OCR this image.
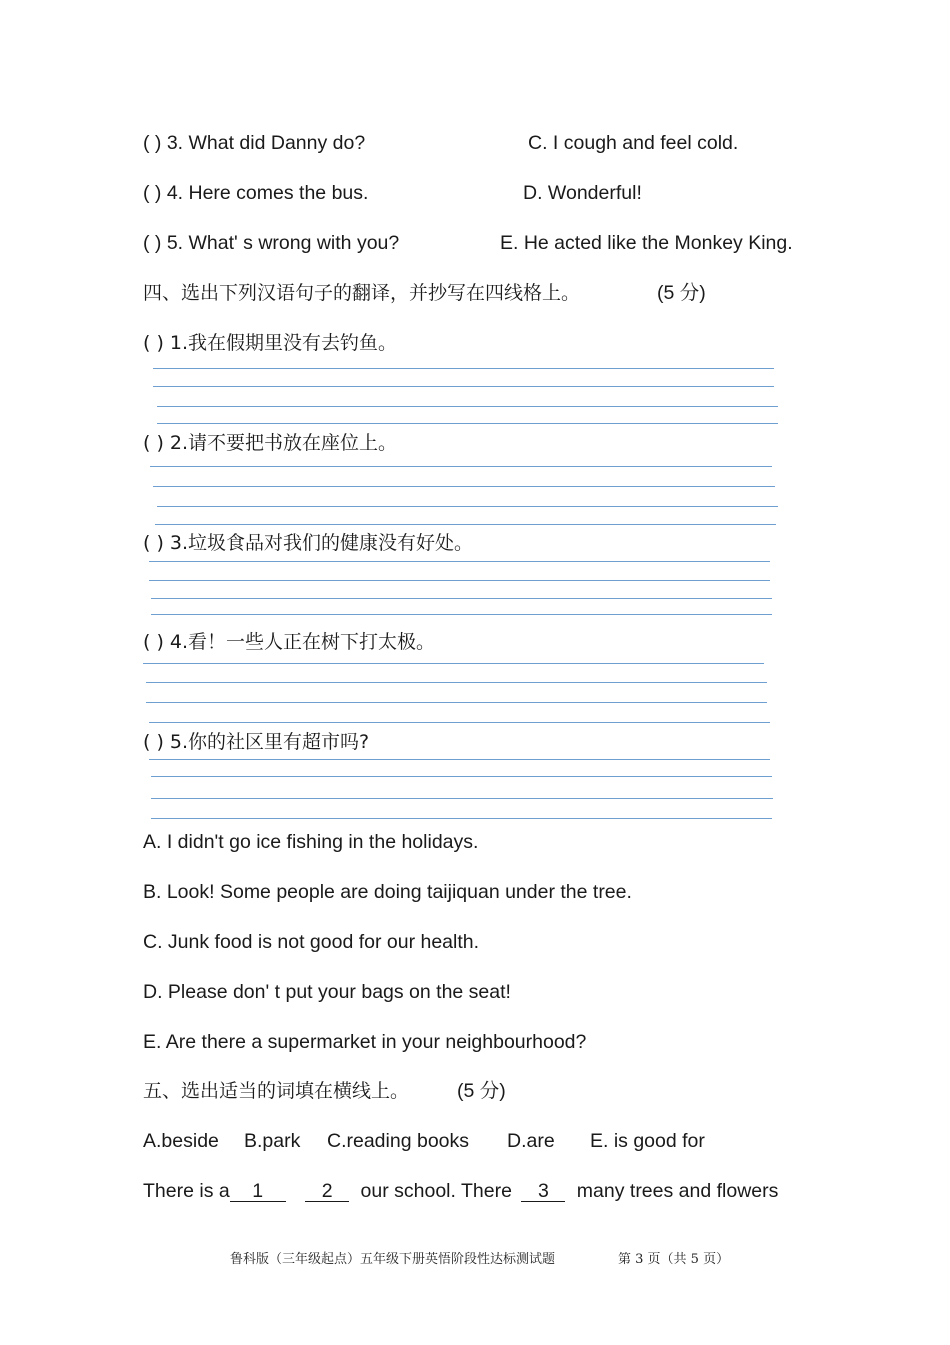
( ) 3. What did Danny do?	C. I cough and feel cold.
( ) 4. Here comes the bus.	D. Wonderful!
( ) 5. What' s wrong with you?	E. He acted like the Monkey King.
四、选出下列汉语句子的翻译，并抄写在四线格上。	(5 分)
( ) 1.我在假期里没有去钓鱼。
( ) 2.请不要把书放在座位上。
( ) 3.垃圾食品对我们的健康没有好处。
( ) 4.看！一些人正在树下打太极。
( ) 5.你的社区里有超市吗?
A. I didn't go ice fishing in the holidays.
B. Look! Some people are doing taijiquan under the tree.
C. Junk food is not good for our health.
D. Please don' t put your bags on the seat!
E. Are there a supermarket in your neighbourhood?
五、选出适当的词填在横线上。 (5 分)
A.beside B.park C.reading books D.are E. is good for
There is a 1	2 our school. There 3 many trees and flowers
鲁科版（三年级起点）五年级下册英悟阶段性达标测试题	第 3 页（共 5 页）
